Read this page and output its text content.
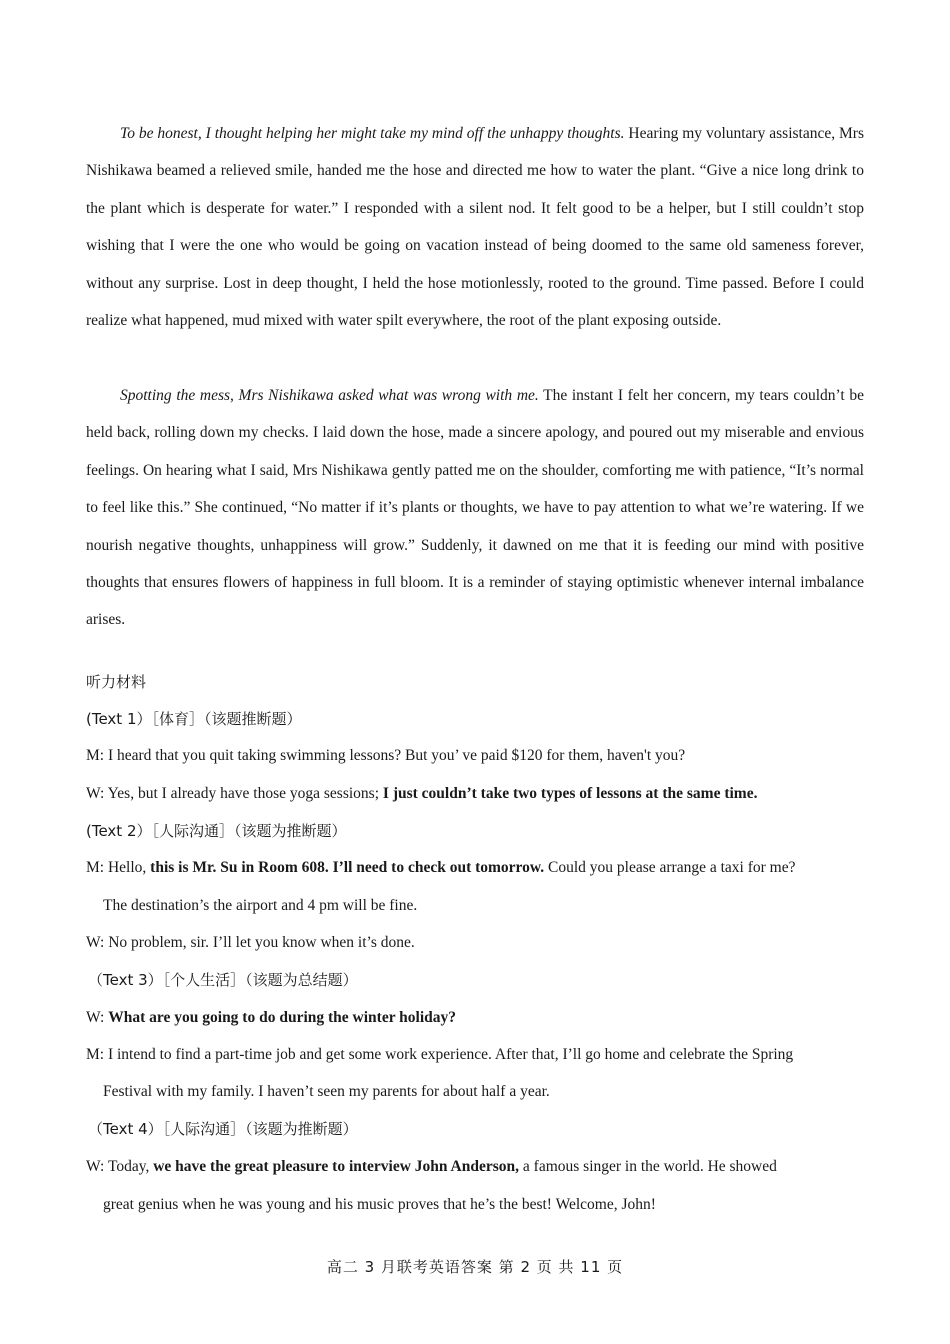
To be honest, I thought helping her might take my mind off the unhappy thoughts. Hearing my voluntary assistance, Mrs Nishikawa beamed a relieved smile, handed me the hose and directed me how to water the plant. “Give a nice long drink to the plant which is desperate for water.” I responded with a silent nod. It felt good to be a helper, but I still couldn’t stop wishing that I were the one who would be going on vacation instead of being doomed to the same old sameness forever, without any surprise. Lost in deep thought, I held the hose motionlessly, rooted to the ground. Time passed. Before I could realize what happened, mud mixed with water spilt everywhere, the root of the plant exposing outside.

Spotting the mess, Mrs Nishikawa asked what was wrong with me. The instant I felt her concern, my tears couldn’t be held back, rolling down my checks. I laid down the hose, made a sincere apology, and poured out my miserable and envious feelings. On hearing what I said, Mrs Nishikawa gently patted me on the shoulder, comforting me with patience, “It’s normal to feel like this.” She continued, “No matter if it’s plants or thoughts, we have to pay attention to what we’re watering. If we nourish negative thoughts, unhappiness will grow.” Suddenly, it dawned on me that it is feeding our mind with positive thoughts that ensures flowers of happiness in full bloom. It is a reminder of staying optimistic whenever internal imbalance arises.

听力材料
(Text 1）［体育］（该题推断题）
M: I heard that you quit taking swimming lessons? But you’ ve paid $120 for them, haven't you?
W: Yes, but I already have those yoga sessions; I just couldn’t take two types of lessons at the same time.
(Text 2）［人际沟通］（该题为推断题）
M: Hello, this is Mr. Su in Room 608. I’ll need to check out tomorrow. Could you please arrange a taxi for me?
The destination’s the airport and 4 pm will be fine.
W: No problem, sir. I’ll let you know when it’s done.
（Text 3）［个人生活］（该题为总结题）
W: What are you going to do during the winter holiday?
M: I intend to find a part-time job and get some work experience. After that, I’ll go home and celebrate the Spring
Festival with my family. I haven’t seen my parents for about half a year.
（Text 4）［人际沟通］（该题为推断题）
W: Today, we have the great pleasure to interview John Anderson, a famous singer in the world. He showed
great genius when he was young and his music proves that he’s the best! Welcome, John!
高二 3 月联考英语答案 第 2 页 共 11 页
